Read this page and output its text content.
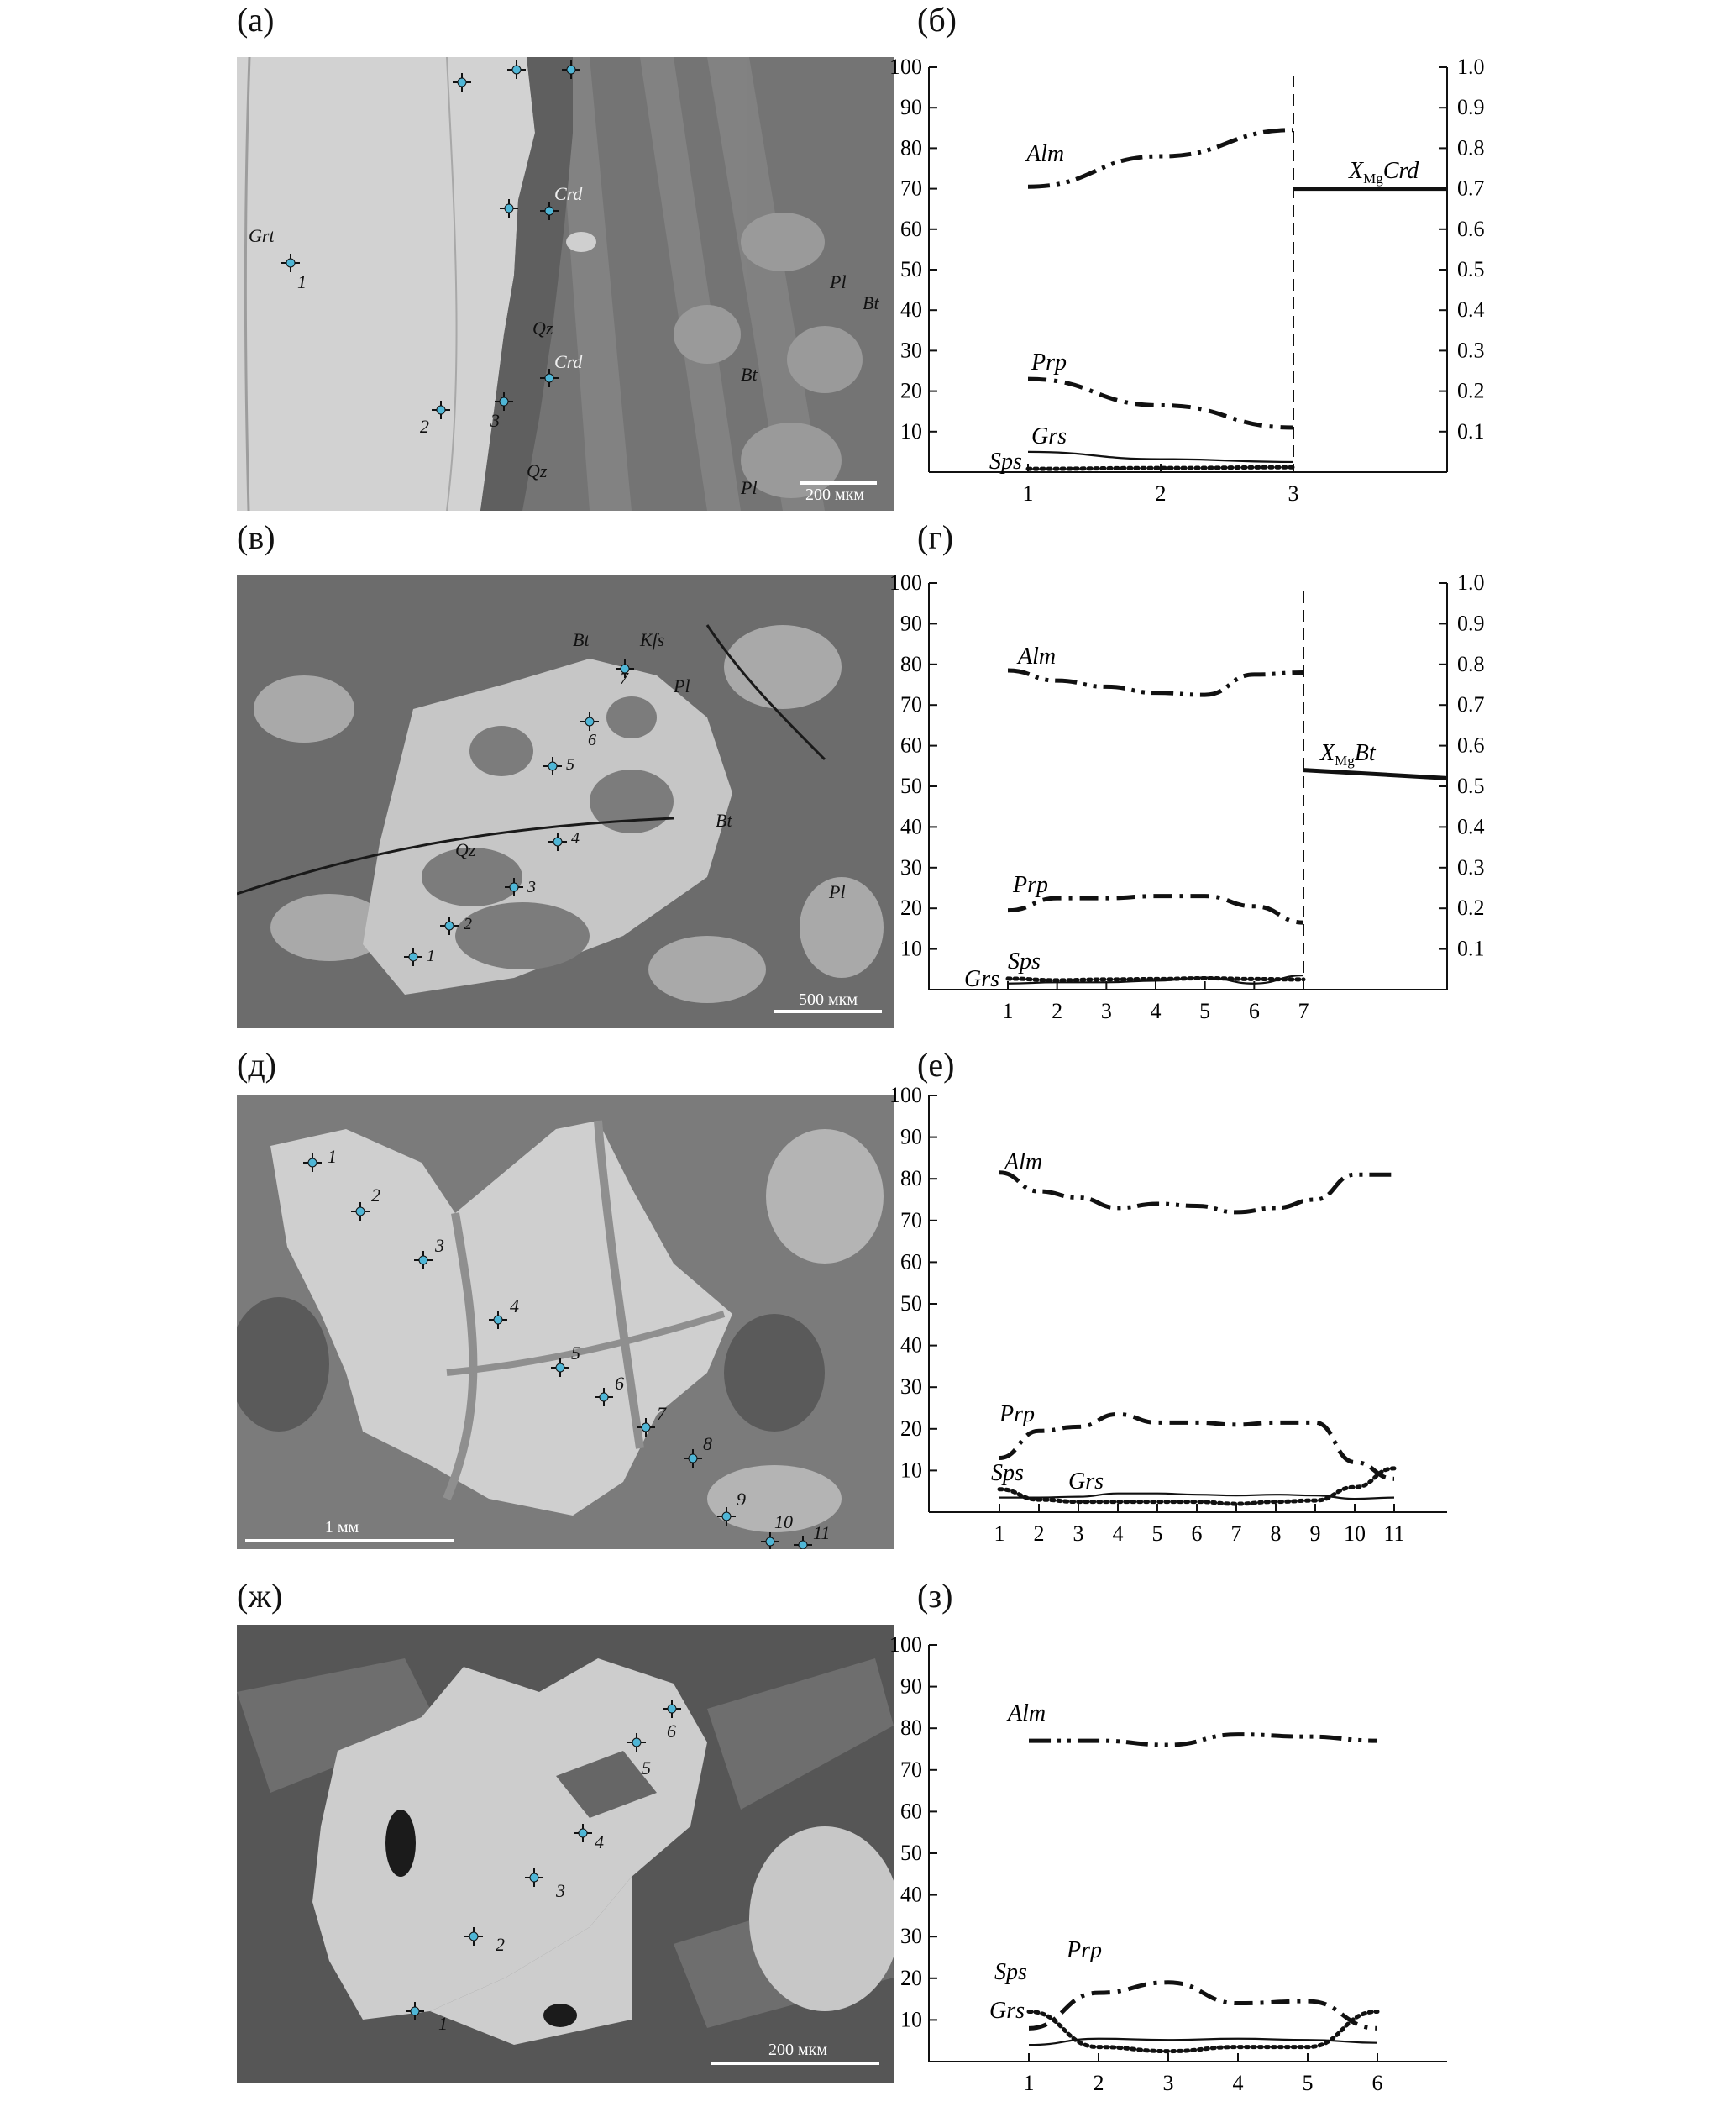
(а)	(б)
(в)	(г)
(д)	(е)
(ж)	(з)
200 мкм
Grt
Crd
Crd
Qz
Qz
Bt
Bt
Pl
Pl
1
2	3
500 мкм
Bt	Kfs
Pl
Qz
Bt
Pl
1
2
3
4
5
6
7
1 мм
1
2
3
4
5
6
7
8
9
10
11
200 мкм
1
2
3
4
5
6
10
20
30
40
50
60
70
80
90
100
1	2	3
0.1
0.2
0.3
0.4
0.5
0.6
0.7
0.8
0.9
1.0
$X_{Mg}Crd$
Alm
Prp
Grs
Sps
10
20
30
40
50
60
70
80
90
100
1 2 3 4 5 6 7
0.1
0.2
0.3
0.4
0.5
0.6
0.7
0.8
0.9
1.0
$X_{Mg}Bt$
Alm
Prp
Sps
Grs
10
20
30
40
50
60
70
80
90
100
1 2 3 4 5 6 7 8 9 10 11
Alm
Prp
Grs
Sps
10
20
30
40
50
60
70
80
90
100
1	2	3	4	5	6
Alm
Prp
Sps
Grs
